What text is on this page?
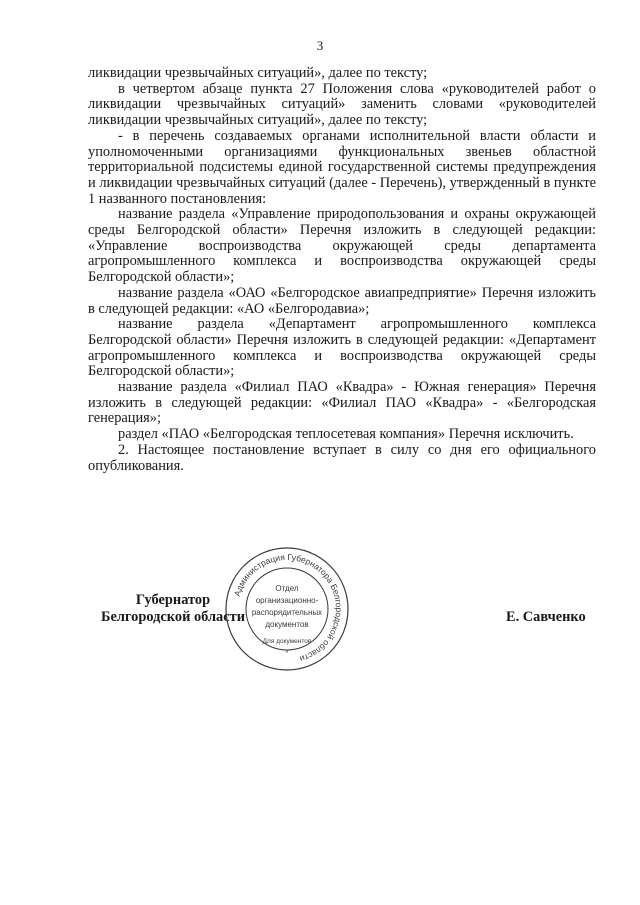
3

ликвидации чрезвычайных ситуаций», далее по тексту;

в четвертом абзаце пункта 27 Положения слова «руководителей работ о ликвидации чрезвычайных ситуаций» заменить словами «руководителей ликвидации чрезвычайных ситуаций», далее по тексту;

- в перечень создаваемых органами исполнительной власти области и уполномоченными организациями функциональных звеньев областной территориальной подсистемы единой государственной системы предупреждения и ликвидации чрезвычайных ситуаций (далее - Перечень), утвержденный в пункте 1 названного постановления:

название раздела «Управление природопользования и охраны окружающей среды Белгородской области» Перечня изложить в следующей редакции: «Управление воспроизводства окружающей среды департамента агропромышленного комплекса и воспроизводства окружающей среды Белгородской области»;

название раздела «ОАО «Белгородское авиапредприятие» Перечня изложить в следующей редакции: «АО «Белгородавиа»;

название раздела «Департамент агропромышленного комплекса Белгородской области» Перечня изложить в следующей редакции: «Департамент агропромышленного комплекса и воспроизводства окружающей среды Белгородской области»;

название раздела «Филиал ПАО «Квадра» - Южная генерация» Перечня изложить в следующей редакции: «Филиал ПАО «Квадра» - «Белгородская генерация»;

раздел «ПАО «Белгородская теплосетевая компания» Перечня исключить.

2. Настоящее постановление вступает в силу со дня его официального опубликования.

Губернатор
Белгородской области	Е. Савченко
Администрация Губернатора Белгородской области
Для документов
*
Отдел
организационно-
распорядительных
документов
